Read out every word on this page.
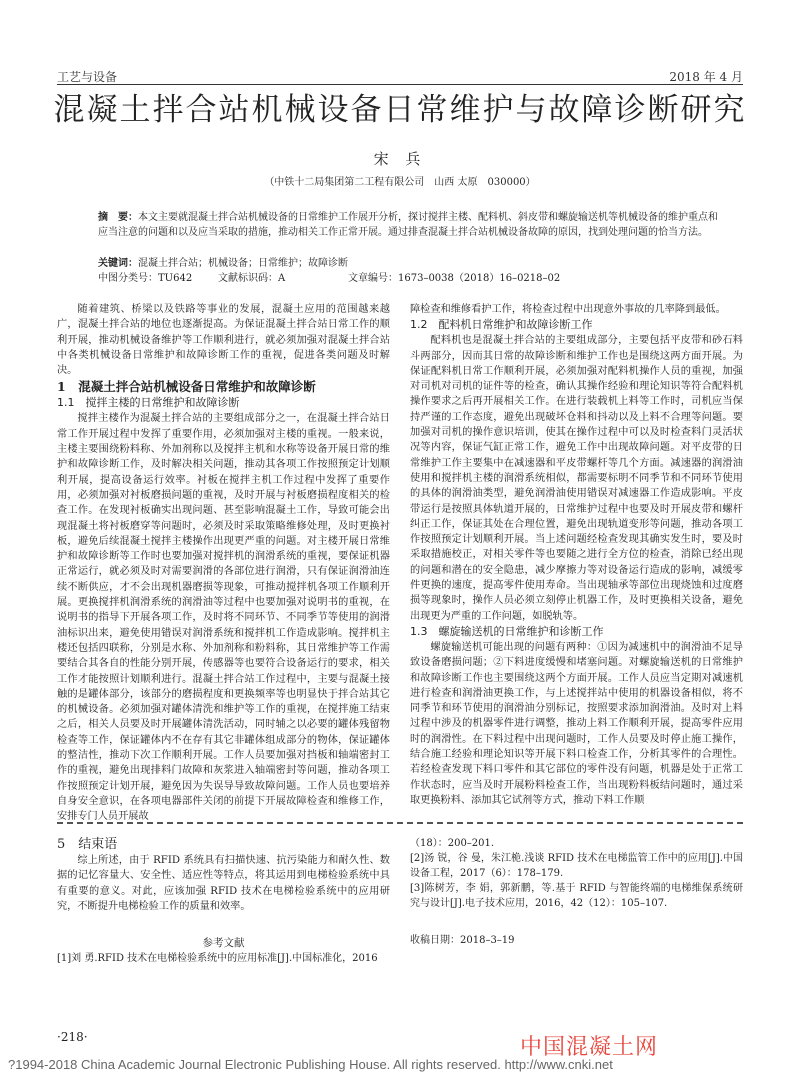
工艺与设备	2018 年 4 月
混凝土拌合站机械设备日常维护与故障诊断研究
宋 兵
（中铁十二局集团第二工程有限公司　山西 太原　030000）
摘　要：本文主要就混凝土拌合站机械设备的日常维护工作展开分析，探讨搅拌主楼、配料机、斜皮带和螺旋输送机等机械设备的维护重点和应当注意的问题和以及应当采取的措施，推动相关工作正常开展。通过排查混凝土拌合站机械设备故障的原因，找到处理问题的恰当方法。
关键词：混凝土拌合站；机械设备；日常维护；故障诊断
中图分类号：TU642	文献标识码：A	文章编号：1673–0038（2018）16–0218–02

随着建筑、桥梁以及铁路等事业的发展，混凝土应用的范围越来越广，混凝土拌合站的地位也逐渐提高。为保证混凝土拌合站日常工作的顺利开展，推动机械设备维护等工作顺利进行，就必须加强对混凝土拌合站中各类机械设备日常维护和故障诊断工作的重视，促进各类问题及时解决。

1　混凝土拌合站机械设备日常维护和故障诊断
1.1　搅拌主楼的日常维护和故障诊断

搅拌主楼作为混凝土拌合站的主要组成部分之一，在混凝土拌合站日常工作开展过程中发挥了重要作用，必须加强对主楼的重视。一般来说，主楼主要围绕粉料称、外加剂称以及搅拌主机和水称等设备开展日常的维护和故障诊断工作，及时解决相关问题，推动其各项工作按照预定计划顺利开展，提高设备运行效率。衬板在搅拌主机工作过程中发挥了重要作用，必须加强对衬板磨损问题的重视，及时开展与衬板磨损程度相关的检查工作。在发现衬板确实出现问题、甚至影响混凝土工作，导致可能会出现混凝土将衬板磨穿等问题时，必须及时采取策略维修处理，及时更换衬板，避免后续混凝土搅拌主楼操作出现更严重的问题。对主楼开展日常维护和故障诊断等工作时也要加强对搅拌机的润滑系统的重视，要保证机器正常运行，就必须及时对需要润滑的各部位进行润滑，只有保证润滑油连续不断供应，才不会出现机器磨损等现象，可推动搅拌机各项工作顺利开展。更换搅拌机润滑系统的润滑油等过程中也要加强对说明书的重视，在说明书的指导下开展各项工作，及时将不同环节、不同季节等使用的润滑油标识出来，避免使用错误对润滑系统和搅拌机工作造成影响。搅拌机主楼还包括四联称，分别是水称、外加剂称和粉料称，其日常维护等工作需要结合其各自的性能分别开展，传感器等也要符合设备运行的要求，相关工作才能按照计划顺利进行。混凝土拌合站工作过程中，主要与混凝土接触的是罐体部分，该部分的磨损程度和更换频率等也明显快于拌合站其它的机械设备。必须加强对罐体清洗和维护等工作的重视，在搅拌施工结束之后，相关人员要及时开展罐体清洗活动，同时辅之以必要的罐体残留物检查等工作，保证罐体内不在存有其它非罐体组成部分的物体，保证罐体的整洁性，推动下次工作顺利开展。工作人员要加强对挡板和轴端密封工作的重视，避免出现排料门故障和灰浆进入轴端密封等问题，推动各项工作按照预定计划开展，避免因为失误导导致故障问题。工作人员也要培养自身安全意识，在各项电器部件关闭的前提下开展故障检查和维修工作，安排专门人员开展故

障检查和维修看护工作，将检查过程中出现意外事故的几率降到最低。

1.2　配料机日常维护和故障诊断工作

配料机也是混凝土拌合站的主要组成部分，主要包括平皮带和砂石料斗两部分，因而其日常的故障诊断和维护工作也是围绕这两方面开展。为保证配料机日常工作顺利开展，必须加强对配料机操作人员的重视，加强对司机对司机的证件等的检查，确认其操作经验和理论知识等符合配料机操作要求之后再开展相关工作。在进行装载机上料等工作时，司机应当保持严谨的工作态度，避免出现破坏仓料和抖动以及上料不合理等问题。要加强对司机的操作意识培训，使其在操作过程中可以及时检查料门灵活状况等内容，保证气缸正常工作，避免工作中出现故障问题。对平皮带的日常维护工作主要集中在减速器和平皮带螺杆等几个方面。减速器的润滑油使用和搅拌机主楼的润滑系统相似，都需要标明不同季节和不同环节使用的具体的润滑油类型，避免润滑油使用错误对减速器工作造成影响。平皮带运行是按照具体轨道开展的，日常维护过程中也要及时开展皮带和螺杆纠正工作，保证其处在合理位置，避免出现轨道变形等问题，推动各项工作按照预定计划顺利开展。当上述问题经检查发现其确实发生时，要及时采取措施校正，对相关零件等也要随之进行全方位的检查，消除已经出现的问题和潜在的安全隐患，减少摩擦力等对设备运行造成的影响，减缓零件更换的速度，提高零件使用寿命。当出现轴承等部位出现烧蚀和过度磨损等现象时，操作人员必须立刻停止机器工作，及时更换相关设备，避免出现更为严重的工作问题，如脱轨等。

1.3　螺旋输送机的日常维护和诊断工作

螺旋输送机可能出现的问题有两种：①因为减速机中的润滑油不足导致设备磨损问题；②下料进度缓慢和堵塞问题。对螺旋输送机的日常维护和故障诊断工作也主要围绕这两个方面开展。工作人员应当定期对减速机进行检查和润滑油更换工作，与上述搅拌站中使用的机器设备相似，将不同季节和环节使用的润滑油分别标记，按照要求添加润滑油。及时对上料过程中涉及的机器零件进行调整，推动上料工作顺利开展，提高零件应用时的润滑性。在下料过程中出现问题时，工作人员要及时停止施工操作，结合施工经验和理论知识等开展下料口检查工作，分析其零件的合理性。若经检查发现下料口零件和其它部位的零件没有问题，机器是处于正常工作状态时，应当及时开展粉料检查工作，当出现粉料板结问题时，通过采取更换粉料、添加其它试剂等方式，推动下料工作顺

5　结束语

综上所述，由于 RFID 系统具有扫描快速、抗污染能力和耐久性、数据的记忆容量大、安全性、适应性等特点，将其运用到电梯检验系统中具有重要的意义。对此，应该加强 RFID 技术在电梯检验系统中的应用研究，不断提升电梯检验工作的质量和效率。

参考文献
[1]刘 勇.RFID 技术在电梯检验系统中的应用标准[J].中国标准化，2016
（18）：200–201.
[2]汤 锐，谷 曼，朱江桅.浅谈 RFID 技术在电梯监管工作中的应用[J].中国设备工程，2017（6）：178–179.
[3]陈树芳，李 娟，郭新鹏，等.基于 RFID 与智能终端的电梯维保系统研究与设计[J].电子技术应用，2016，42（12）：105–107.
收稿日期：2018–3–19
·218·	中国混凝土网
?1994-2018 China Academic Journal Electronic Publishing House. All rights reserved. http://www.cnki.net
